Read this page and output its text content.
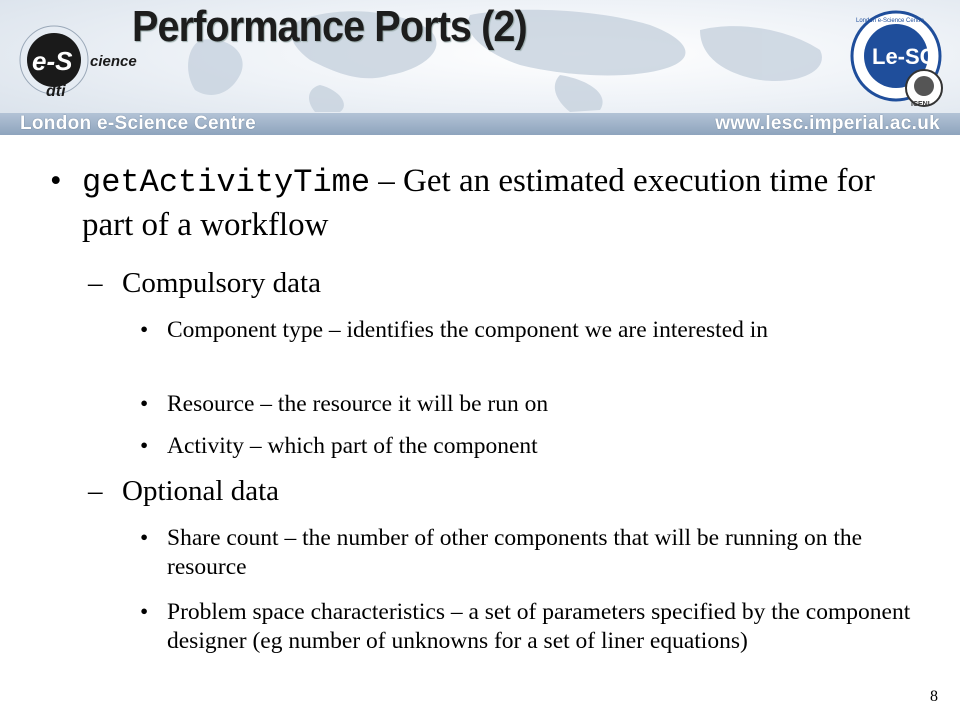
e-S cience
dti
Performance Ports (2)
Le-SC
London e-Science Centre
ICENI
London e-Science Centre	www.lesc.imperial.ac.uk
• getActivityTime – Get an estimated execution time for part of a workflow
– Compulsory data
• Component type – identifies the component we are interested in
• Resource – the resource it will be run on
• Activity – which part of the component
– Optional data
• Share count – the number of other components that will be running on the resource
• Problem space characteristics – a set of parameters specified by the component designer (eg number of unknowns for a set of liner equations)
8
